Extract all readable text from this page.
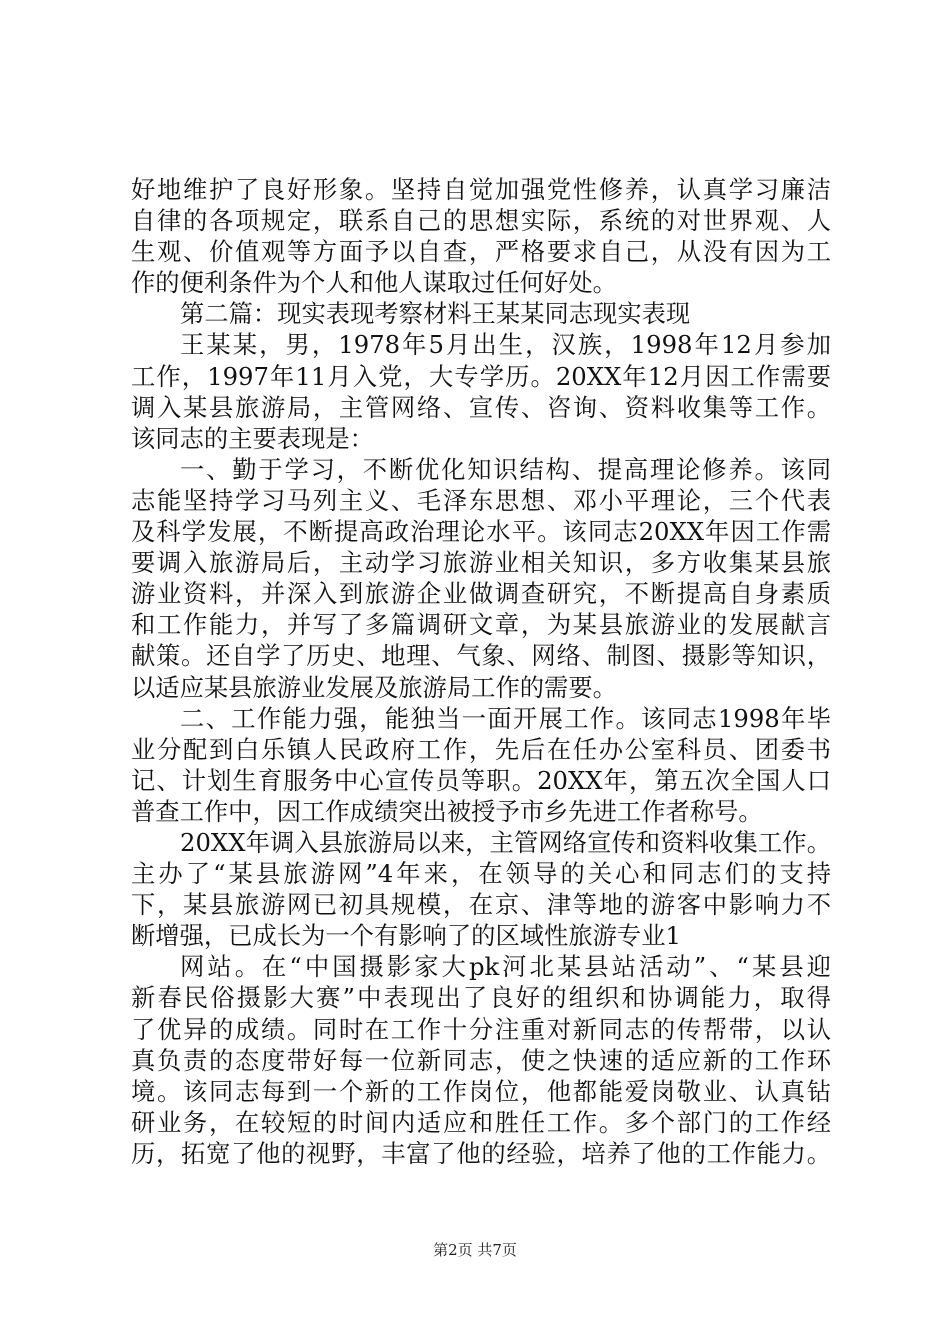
好地维护了良好形象。坚持自觉加强党性修养，认真学习廉洁
自律的各项规定，联系自己的思想实际，系统的对世界观、人
生观、价值观等方面予以自查，严格要求自己，从没有因为工
作的便利条件为个人和他人谋取过任何好处。
第二篇：现实表现考察材料王某某同志现实表现
王某某，男，1978年5月出生，汉族，1998年12月参加
工作，1997年11月入党，大专学历。20XX年12月因工作需要
调入某县旅游局，主管网络、宣传、咨询、资料收集等工作。
该同志的主要表现是：
一、勤于学习，不断优化知识结构、提高理论修养。该同
志能坚持学习马列主义、毛泽东思想、邓小平理论，三个代表
及科学发展，不断提高政治理论水平。该同志20XX年因工作需
要调入旅游局后，主动学习旅游业相关知识，多方收集某县旅
游业资料，并深入到旅游企业做调查研究，不断提高自身素质
和工作能力，并写了多篇调研文章，为某县旅游业的发展献言
献策。还自学了历史、地理、气象、网络、制图、摄影等知识，
以适应某县旅游业发展及旅游局工作的需要。
二、工作能力强，能独当一面开展工作。该同志1998年毕
业分配到白乐镇人民政府工作，先后在任办公室科员、团委书
记、计划生育服务中心宣传员等职。20XX年，第五次全国人口
普查工作中，因工作成绩突出被授予市乡先进工作者称号。
20XX年调入县旅游局以来，主管网络宣传和资料收集工作。
主办了“某县旅游网”4年来，在领导的关心和同志们的支持
下，某县旅游网已初具规模，在京、津等地的游客中影响力不
断增强，已成长为一个有影响了的区域性旅游专业1
网站。在“中国摄影家大pk河北某县站活动”、“某县迎
新春民俗摄影大赛”中表现出了良好的组织和协调能力，取得
了优异的成绩。同时在工作十分注重对新同志的传帮带，以认
真负责的态度带好每一位新同志，使之快速的适应新的工作环
境。该同志每到一个新的工作岗位，他都能爱岗敬业、认真钻
研业务，在较短的时间内适应和胜任工作。多个部门的工作经
历，拓宽了他的视野，丰富了他的经验，培养了他的工作能力。
第2页 共7页
